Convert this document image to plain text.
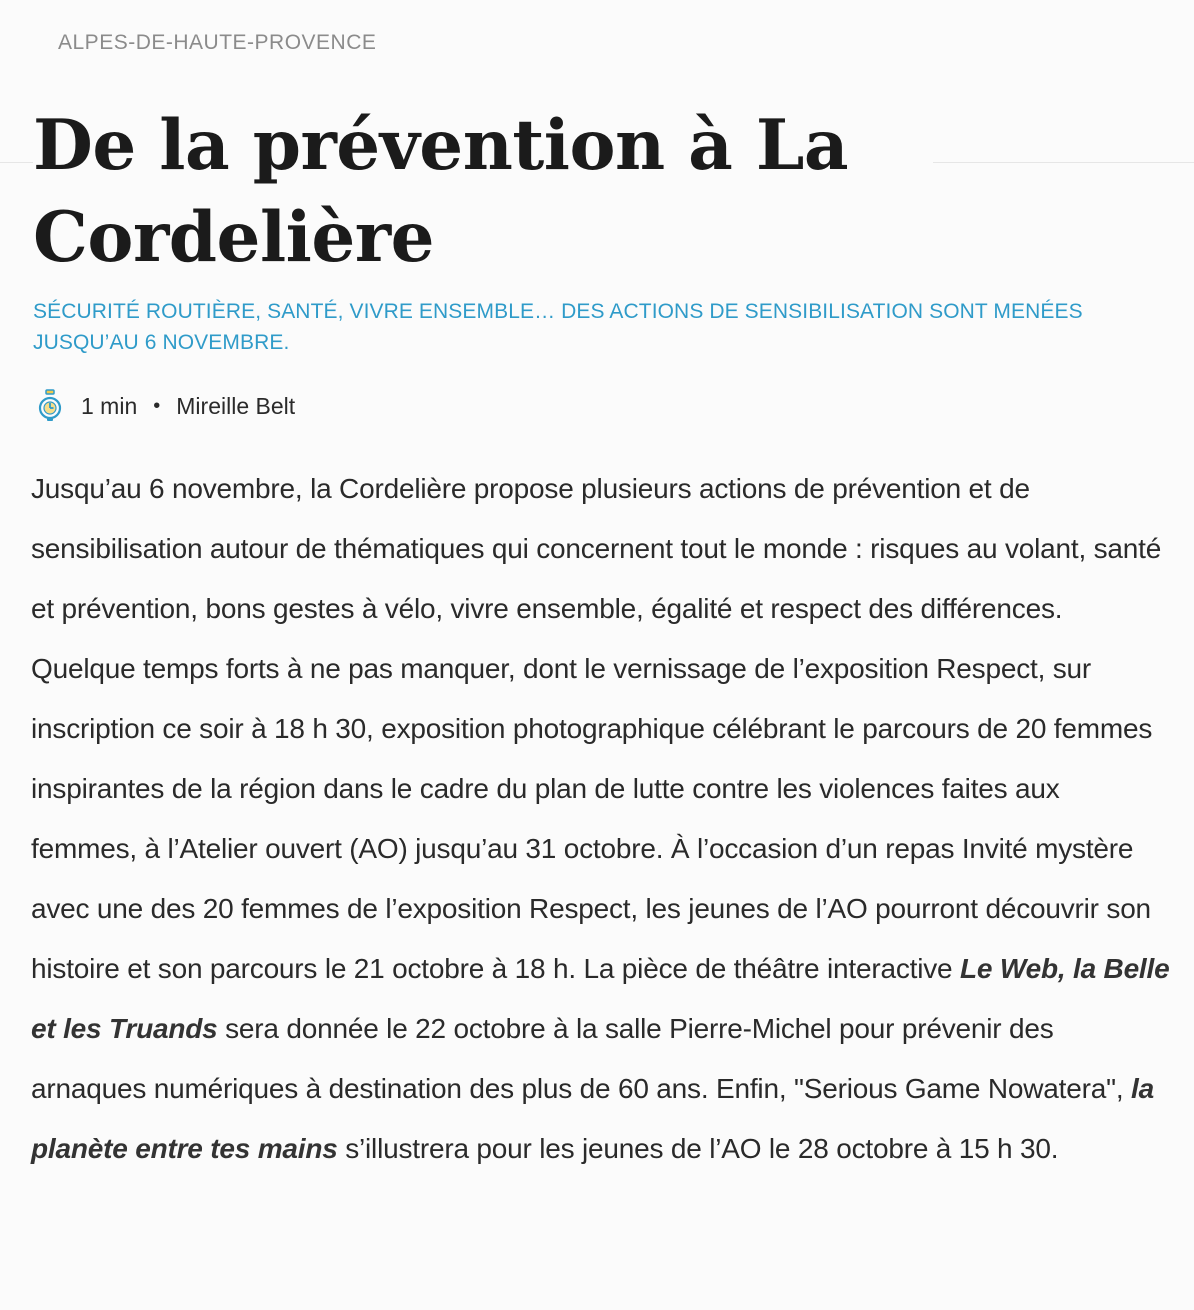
ALPES-DE-HAUTE-PROVENCE
De la prévention à La Cordelière

SÉCURITÉ ROUTIÈRE, SANTÉ, VIVRE ENSEMBLE… DES ACTIONS DE SENSIBILISATION SONT MENÉES JUSQU’AU 6 NOVEMBRE.

1 min • Mireille Belt

Jusqu’au 6 novembre, la Cordelière propose plusieurs actions de prévention et de sensibilisation autour de thématiques qui concernent tout le monde : risques au volant, santé et prévention, bons gestes à vélo, vivre ensemble, égalité et respect des différences. Quelque temps forts à ne pas manquer, dont le vernissage de l’exposition Respect, sur inscription ce soir à 18 h 30, exposition photographique célébrant le parcours de 20 femmes inspirantes de la région dans le cadre du plan de lutte contre les violences faites aux femmes, à l’Atelier ouvert (AO) jusqu’au 31 octobre. À l’occasion d’un repas Invité mystère avec une des 20 femmes de l’exposition Respect, les jeunes de l’AO pourront découvrir son histoire et son parcours le 21 octobre à 18 h. La pièce de théâtre interactive Le Web, la Belle et les Truands sera donnée le 22 octobre à la salle Pierre-Michel pour prévenir des arnaques numériques à destination des plus de 60 ans. Enfin, "Serious Game Nowatera", la planète entre tes mains s’illustrera pour les jeunes de l’AO le 28 octobre à 15 h 30.
